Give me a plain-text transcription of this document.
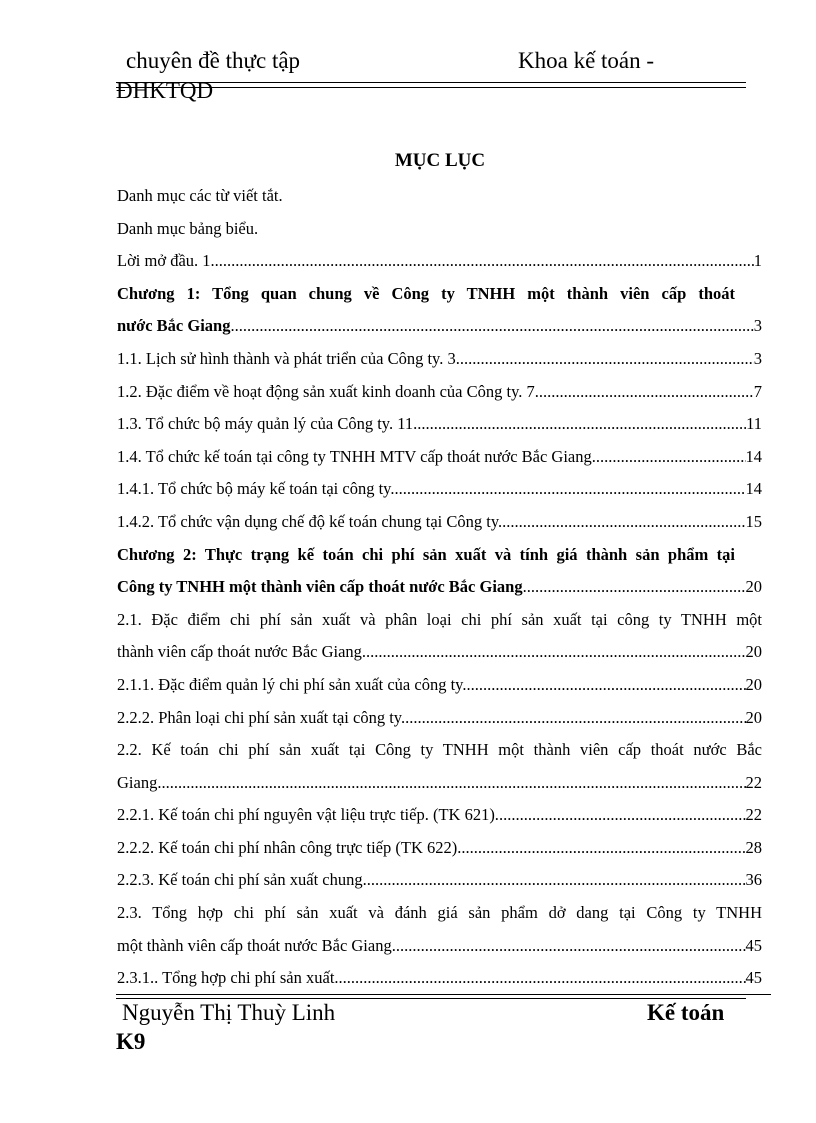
chuyên đề thực tập	Khoa kế toán -
ĐHKTQD
MỤC LỤC
Danh mục các từ viết tắt.
Danh mục bảng biểu.
Lời mở đầu. 1 .....	1
Chương 1: Tổng quan chung về Công ty TNHH một thành viên cấp thoát
nước Bắc Giang .....	3
1.1. Lịch sử hình thành và phát triển của Công ty. 3 .....	3
1.2. Đặc điểm về hoạt động sản xuất kinh doanh của Công ty. 7 .....	7
1.3. Tổ chức bộ máy quản lý của Công ty. 11 .....	11
1.4. Tổ chức kế toán tại công ty TNHH MTV cấp thoát nước Bắc Giang .....	14
1.4.1. Tổ chức bộ máy kế toán tại công ty. .....	14
1.4.2. Tổ chức vận dụng chế độ kế toán chung tại Công ty. .....	15
Chương 2: Thực trạng kế toán chi phí sản xuất và tính giá thành sản phẩm tại
Công ty TNHH một thành viên cấp thoát nước Bắc Giang .....	20
2.1. Đặc điểm chi phí sản xuất và phân loại chi phí sản xuất tại công ty TNHH một
thành viên cấp thoát nước Bắc Giang. .....	20
2.1.1. Đặc điểm quản lý chi phí sản xuất của công ty. .....	20
2.2.2. Phân loại chi phí sản xuất tại công ty. .....	20
2.2. Kế toán chi phí sản xuất tại Công ty TNHH một thành viên cấp thoát nước Bắc
Giang. .....	22
2.2.1. Kế toán chi phí nguyên vật liệu trực tiếp. (TK 621). .....	22
2.2.2. Kế toán chi phí nhân công trực tiếp (TK 622) .....	28
2.2.3. Kế toán chi phí sản xuất chung .....	36
2.3. Tổng hợp chi phí sản xuất và đánh giá sản phẩm dở dang tại Công ty TNHH
một thành viên cấp thoát nước Bắc Giang. .....	45
2.3.1.. Tổng hợp chi phí sản xuất. .....	45
Nguyễn Thị Thuỳ Linh	Kế toán
K9
